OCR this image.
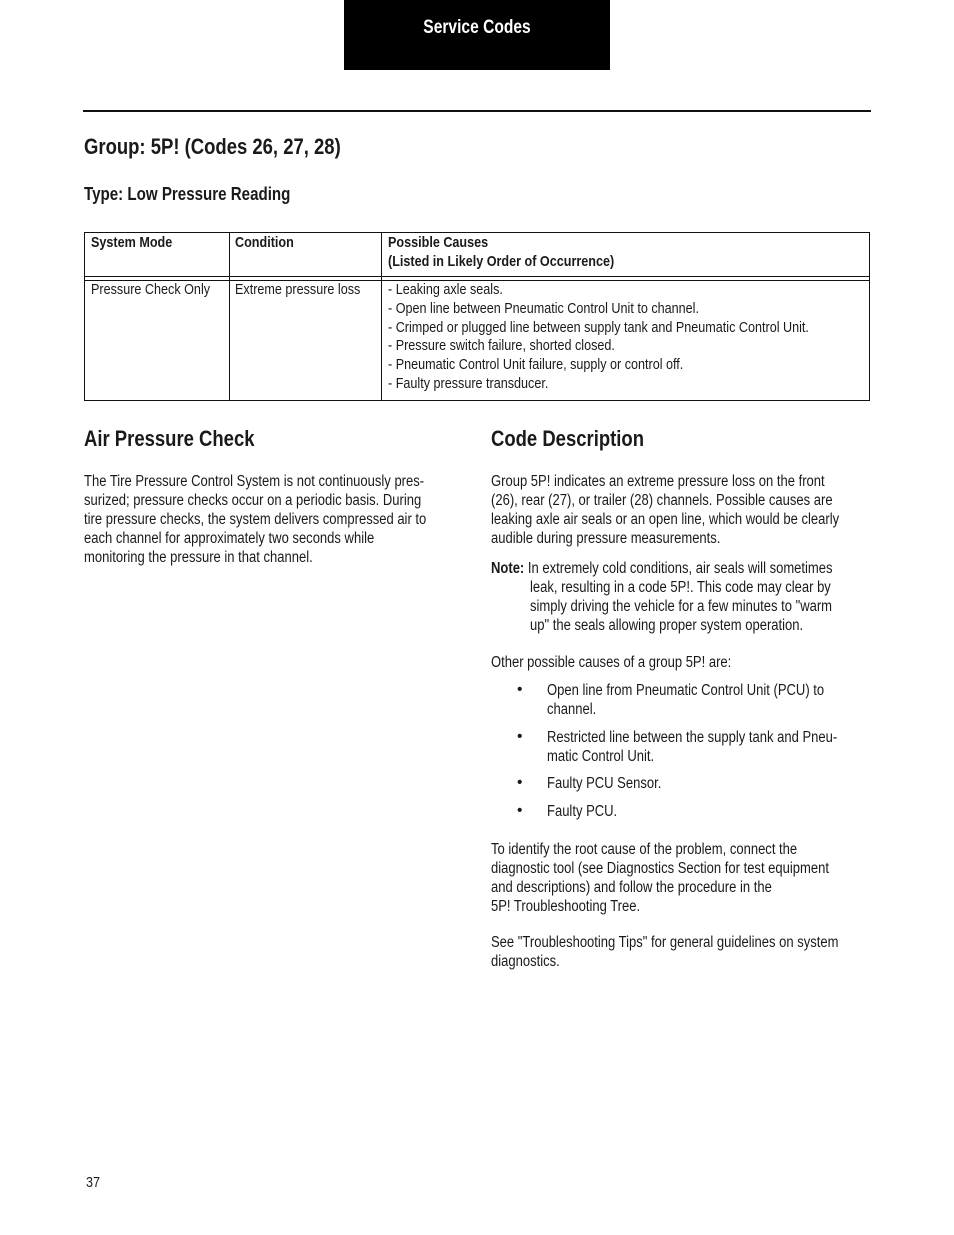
Service Codes
Group: 5P! (Codes 26, 27, 28)
Type: Low Pressure Reading
System Mode	Condition	Possible Causes
(Listed in Likely Order of Occurrence)
Pressure Check Only Extreme pressure loss - Leaking axle seals.
- Open line between Pneumatic Control Unit to channel.
- Crimped or plugged line between supply tank and Pneumatic Control Unit.
- Pressure switch failure, shorted closed.
- Pneumatic Control Unit failure, supply or control off.
- Faulty pressure transducer.
Air Pressure Check
The Tire Pressure Control System is not continuously pres-
surized; pressure checks occur on a periodic basis. During
tire pressure checks, the system delivers compressed air to
each channel for approximately two seconds while
monitoring the pressure in that channel.
Code Description
Group 5P! indicates an extreme pressure loss on the front
(26), rear (27), or trailer (28) channels. Possible causes are
leaking axle air seals or an open line, which would be clearly
audible during pressure measurements.
Note: In extremely cold conditions, air seals will sometimes
leak, resulting in a code 5P!. This code may clear by
simply driving the vehicle for a few minutes to "warm
up" the seals allowing proper system operation.
Other possible causes of a group 5P! are:
• Open line from Pneumatic Control Unit (PCU) to
channel.
• Restricted line between the supply tank and Pneu-
matic Control Unit.
• Faulty PCU Sensor.
• Faulty PCU.
To identify the root cause of the problem, connect the
diagnostic tool (see Diagnostics Section for test equipment
and descriptions) and follow the procedure in the
5P! Troubleshooting Tree.
See "Troubleshooting Tips" for general guidelines on system
diagnostics.
37
